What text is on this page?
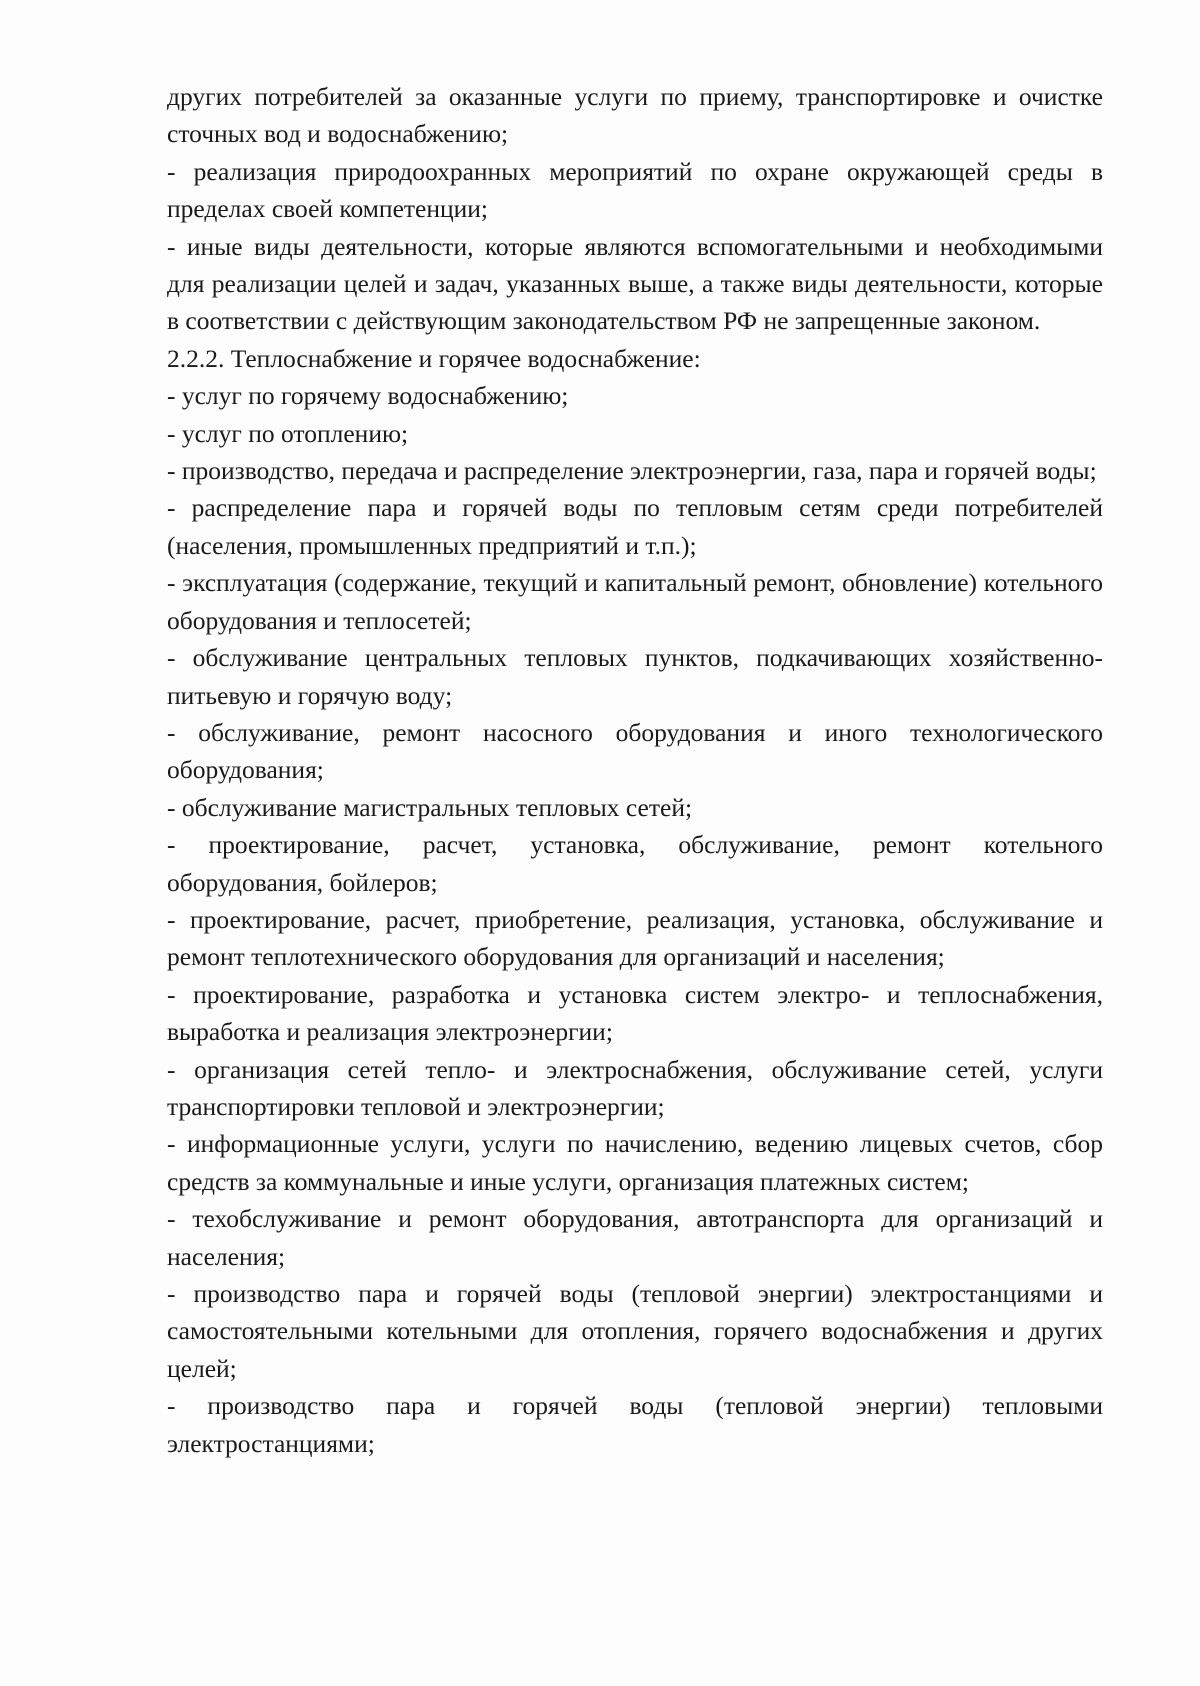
других потребителей за оказанные услуги по приему, транспортировке и очистке сточных вод и водоснабжению;

- реализация природоохранных мероприятий по охране окружающей среды в пределах своей компетенции;

- иные виды деятельности, которые являются вспомогательными и необходимыми для реализации целей и задач, указанных выше, а также виды деятельности, которые в соответствии с действующим законодательством РФ не запрещенные законом.

2.2.2. Теплоснабжение и горячее водоснабжение:

- услуг по горячему водоснабжению;

- услуг по отоплению;

- производство, передача и распределение электроэнергии, газа, пара и горячей воды;

- распределение пара и горячей воды по тепловым сетям среди потребителей (населения, промышленных предприятий и т.п.);

- эксплуатация (содержание, текущий и капитальный ремонт, обновление) котельного оборудования и теплосетей;

- обслуживание центральных тепловых пунктов, подкачивающих хозяйственно-питьевую и горячую воду;

- обслуживание, ремонт насосного оборудования и иного технологического оборудования;

- обслуживание магистральных тепловых сетей;

- проектирование, расчет, установка, обслуживание, ремонт котельного оборудования, бойлеров;

- проектирование, расчет, приобретение, реализация, установка, обслуживание и ремонт теплотехнического оборудования для организаций и населения;

- проектирование, разработка и установка систем электро- и теплоснабжения, выработка и реализация электроэнергии;

- организация сетей тепло- и электроснабжения, обслуживание сетей, услуги транспортировки тепловой и электроэнергии;

- информационные услуги, услуги по начислению, ведению лицевых счетов, сбор средств за коммунальные и иные услуги, организация платежных систем;

- техобслуживание и ремонт оборудования, автотранспорта для организаций и населения;

- производство пара и горячей воды (тепловой энергии) электростанциями и самостоятельными котельными для отопления, горячего водоснабжения и других целей;

- производство пара и горячей воды (тепловой энергии) тепловыми электростанциями;
